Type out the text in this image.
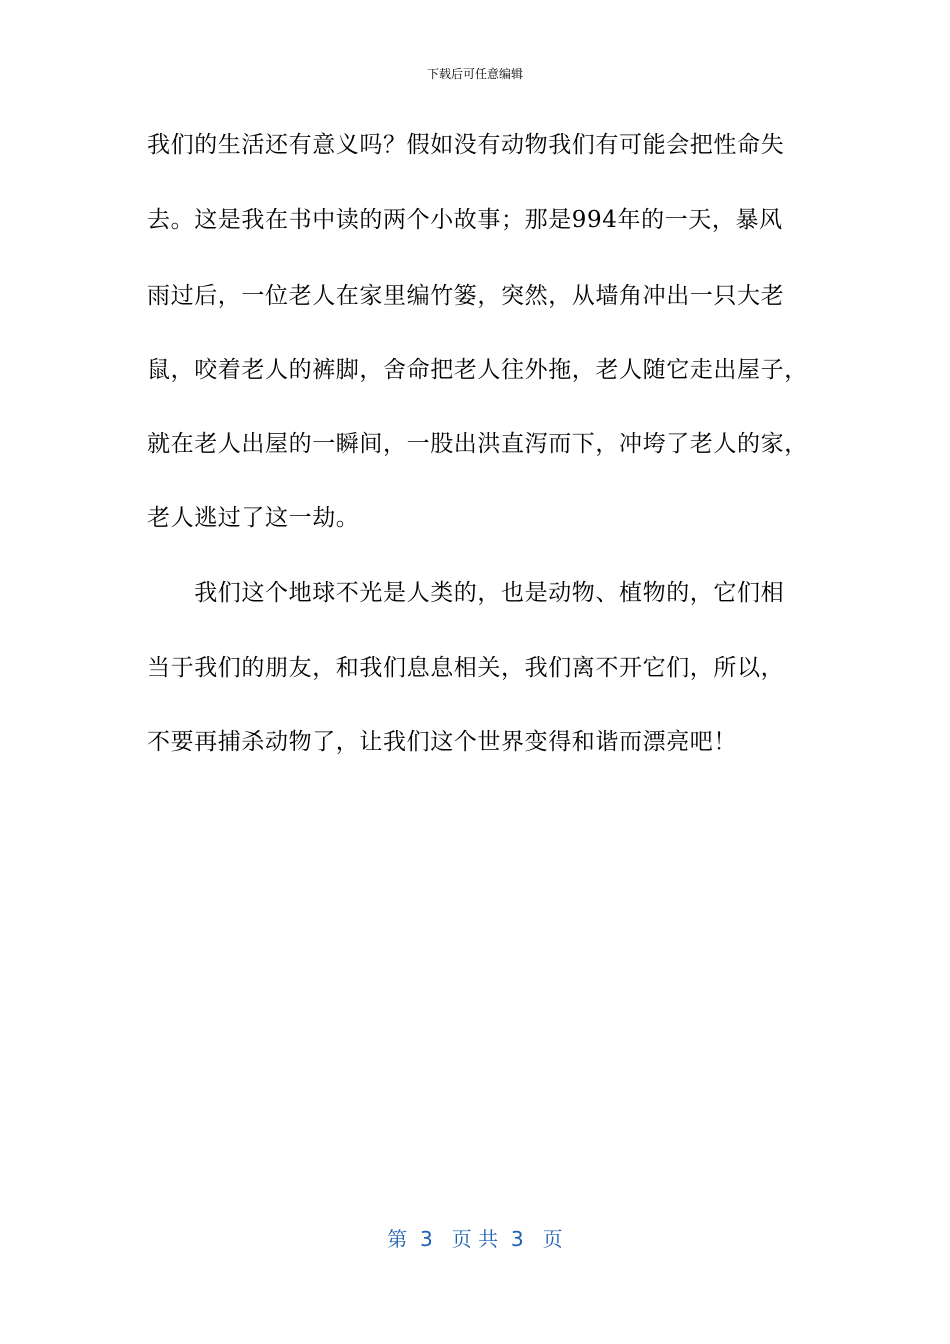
下载后可任意编辑
我们的生活还有意义吗？假如没有动物我们有可能会把性命失
去。这是我在书中读的两个小故事；那是994年的一天，暴风
雨过后，一位老人在家里编竹篓，突然，从墙角冲出一只大老
鼠，咬着老人的裤脚，舍命把老人往外拖，老人随它走出屋子，
就在老人出屋的一瞬间，一股出洪直泻而下，冲垮了老人的家，
老人逃过了这一劫。
　　我们这个地球不光是人类的，也是动物、植物的，它们相
当于我们的朋友，和我们息息相关，我们离不开它们，所以，
不要再捕杀动物了，让我们这个世界变得和谐而漂亮吧！
第  3   页 共  3   页
